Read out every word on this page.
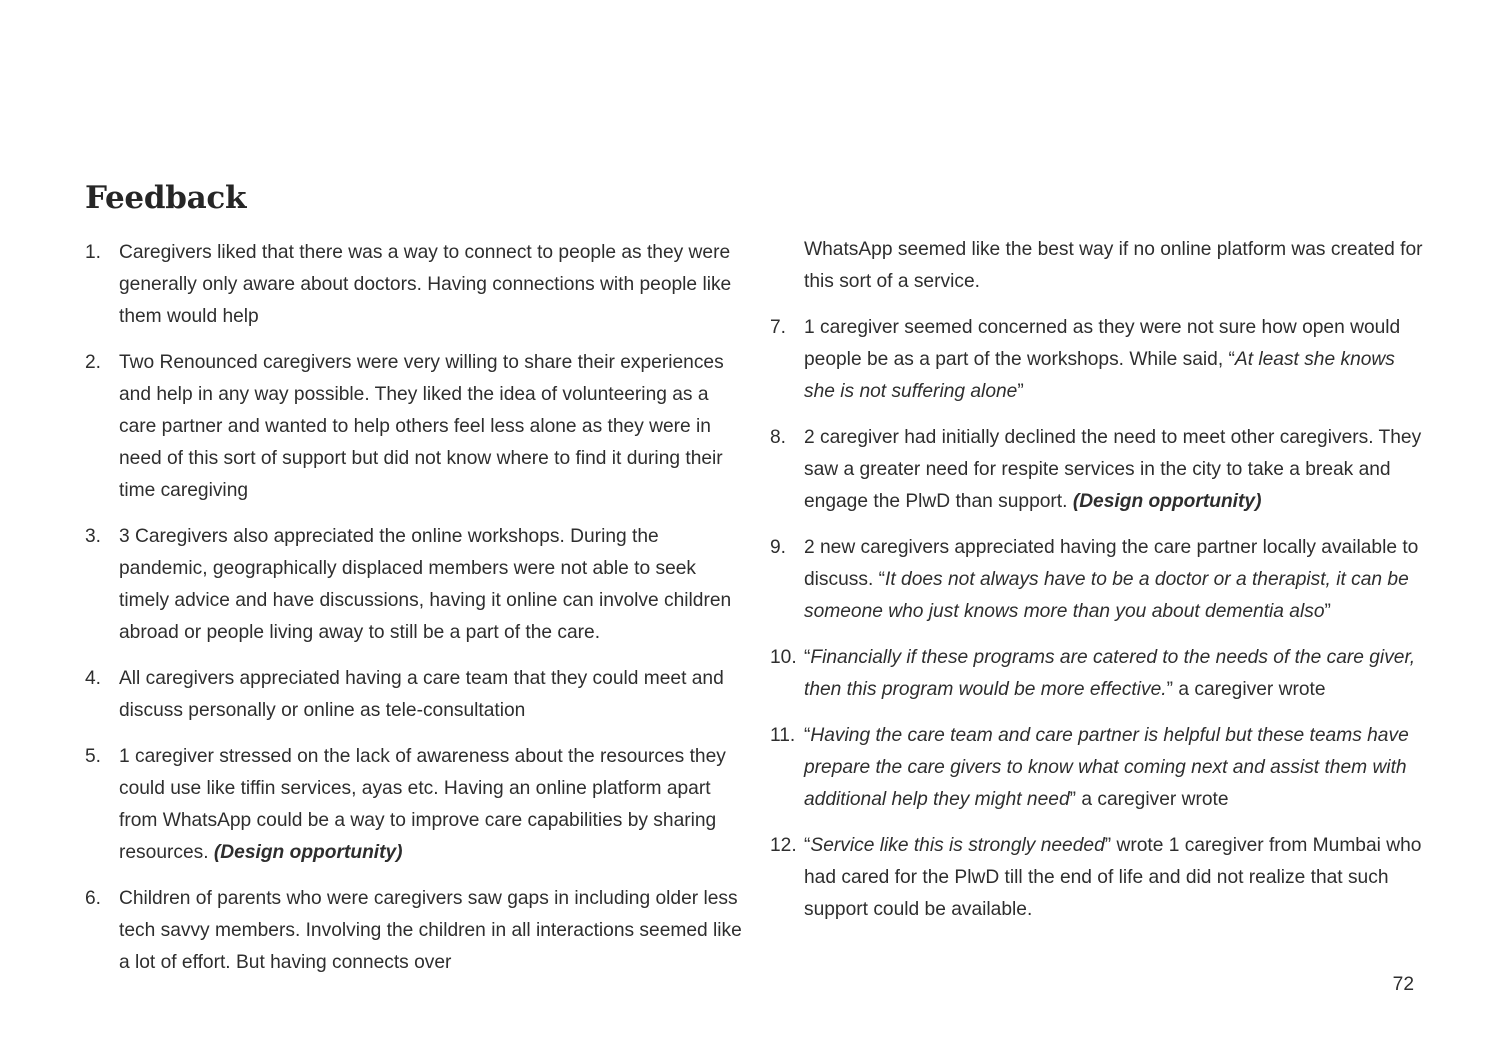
Feedback
1. Caregivers liked that there was a way to connect to people as they were generally only aware about doctors. Having connections with people like them would help
2. Two Renounced caregivers were very willing to share their experiences and help in any way possible. They liked the idea of volunteering as a care partner and wanted to help others feel less alone as they were in need of this sort of support but did not know where to find it during their time caregiving
3. 3 Caregivers also appreciated the online workshops. During the pandemic, geographically displaced members were not able to seek timely advice and have discussions, having it online can involve children abroad or people living away to still be a part of the care.
4. All caregivers appreciated having a care team that they could meet and discuss personally or online as tele-consultation
5. 1 caregiver stressed on the lack of awareness about the resources they could use like tiffin services, ayas etc. Having an online platform apart from WhatsApp could be a way to improve care capabilities by sharing resources. (Design opportunity)
6. Children of parents who were caregivers saw gaps in including older less tech savvy members. Involving the children in all interactions seemed like a lot of effort. But having connects over
WhatsApp seemed like the best way if no online platform was created for this sort of a service.
7. 1 caregiver seemed concerned as they were not sure how open would people be as a part of the workshops. While said, “At least she knows she is not suffering alone”
8. 2 caregiver had initially declined the need to meet other caregivers. They saw a greater need for respite services in the city to take a break and engage the PlwD than support. (Design opportunity)
9. 2 new caregivers appreciated having the care partner locally available to discuss. “It does not always have to be a doctor or a therapist, it can be someone who just knows more than you about dementia also”
10. “Financially if these programs are catered to the needs of the care giver, then this program would be more effective.” a caregiver wrote
11. “Having the care team and care partner is helpful but these teams have prepare the care givers to know what coming next and assist them with additional help they might need” a caregiver wrote
12. “Service like this is strongly needed” wrote 1 caregiver from Mumbai who had cared for the PlwD till the end of life and did not realize that such support could be available.
72
